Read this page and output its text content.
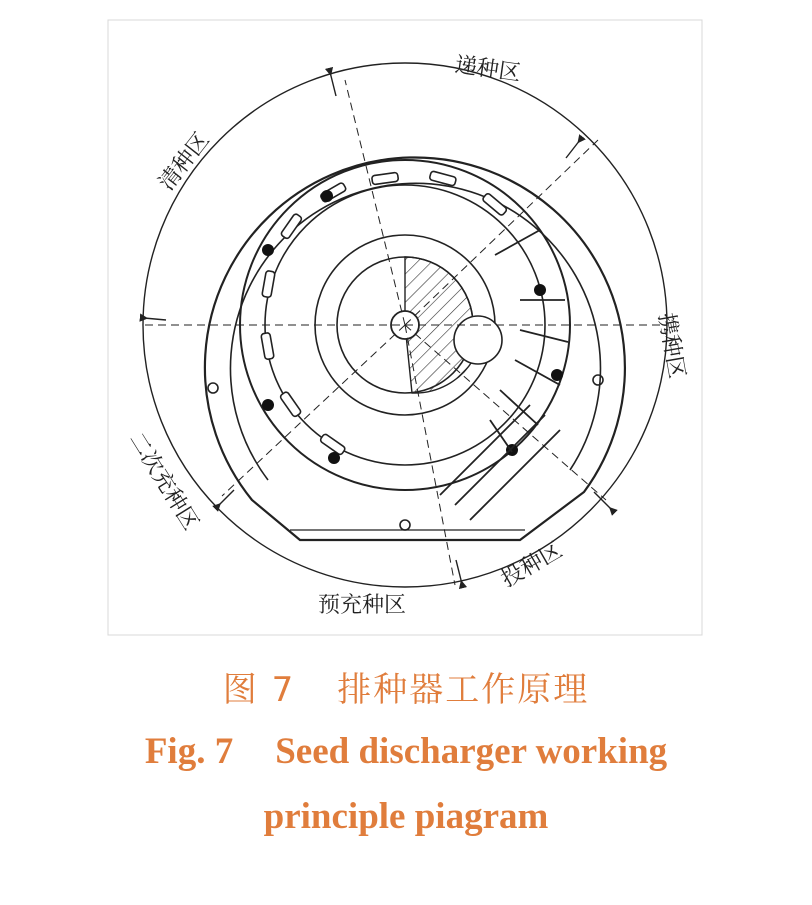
递种区
清种区
携种区
二次充种区
预充种区
投种区
图 7 排种器工作原理
Fig. 7 Seed discharger working
principle piagram
